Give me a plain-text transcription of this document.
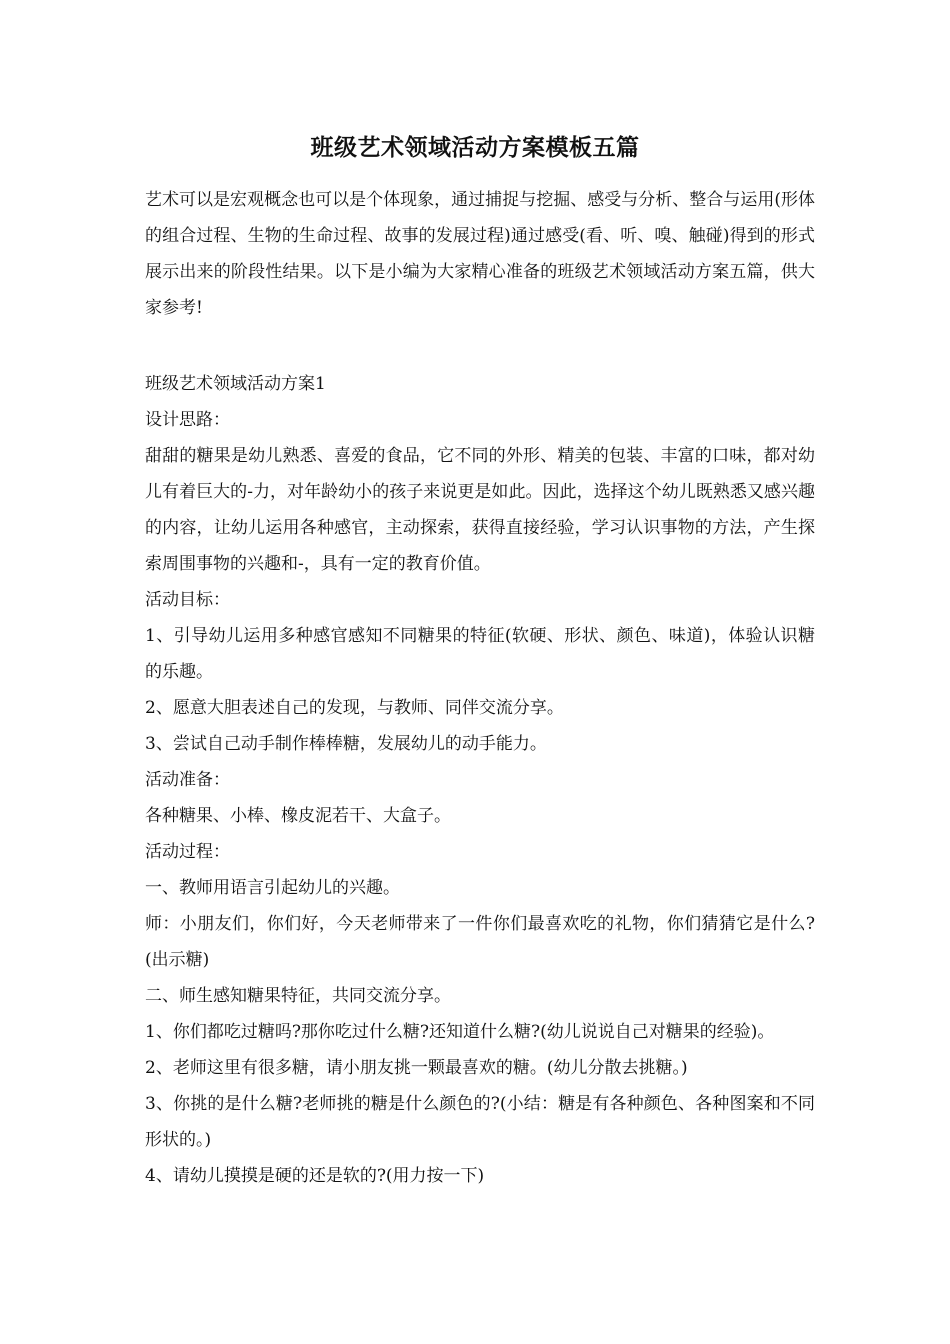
班级艺术领域活动方案模板五篇

艺术可以是宏观概念也可以是个体现象，通过捕捉与挖掘、感受与分析、整合与运用(形体的组合过程、生物的生命过程、故事的发展过程)通过感受(看、听、嗅、触碰)得到的形式展示出来的阶段性结果。以下是小编为大家精心准备的班级艺术领域活动方案五篇，供大家参考!

班级艺术领域活动方案1

设计思路：

甜甜的糖果是幼儿熟悉、喜爱的食品，它不同的外形、精美的包装、丰富的口味，都对幼儿有着巨大的-力，对年龄幼小的孩子来说更是如此。因此，选择这个幼儿既熟悉又感兴趣的内容，让幼儿运用各种感官，主动探索，获得直接经验，学习认识事物的方法，产生探索周围事物的兴趣和-，具有一定的教育价值。

活动目标：

1、引导幼儿运用多种感官感知不同糖果的特征(软硬、形状、颜色、味道)，体验认识糖的乐趣。

2、愿意大胆表述自己的发现，与教师、同伴交流分享。

3、尝试自己动手制作棒棒糖，发展幼儿的动手能力。

活动准备：

各种糖果、小棒、橡皮泥若干、大盒子。

活动过程：

一、教师用语言引起幼儿的兴趣。

师：小朋友们，你们好，今天老师带来了一件你们最喜欢吃的礼物，你们猜猜它是什么?(出示糖)

二、师生感知糖果特征，共同交流分享。

1、你们都吃过糖吗?那你吃过什么糖?还知道什么糖?(幼儿说说自己对糖果的经验)。

2、老师这里有很多糖，请小朋友挑一颗最喜欢的糖。(幼儿分散去挑糖。)

3、你挑的是什么糖?老师挑的糖是什么颜色的?(小结：糖是有各种颜色、各种图案和不同形状的。)

4、请幼儿摸摸是硬的还是软的?(用力按一下)
